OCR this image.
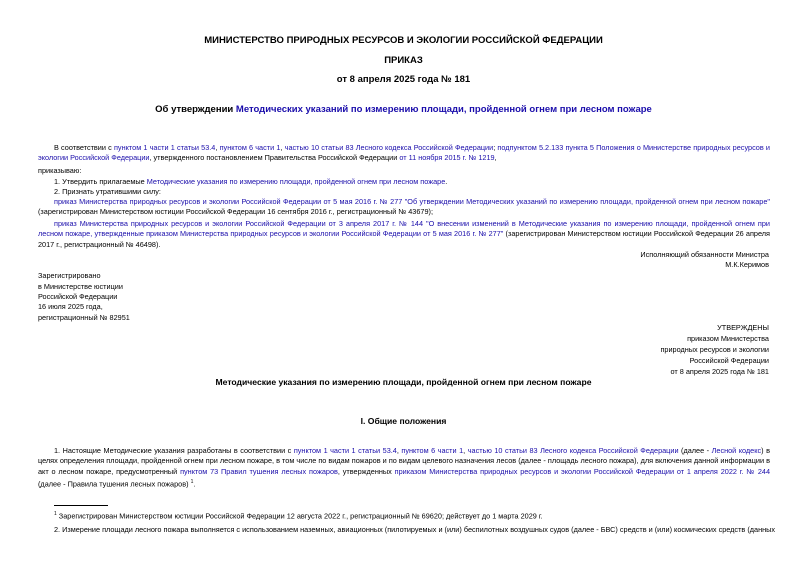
МИНИСТЕРСТВО ПРИРОДНЫХ РЕСУРСОВ И ЭКОЛОГИИ РОССИЙСКОЙ ФЕДЕРАЦИИ
ПРИКАЗ
от 8 апреля 2025 года № 181
Об утверждении Методических указаний по измерению площади, пройденной огнем при лесном пожаре
В соответствии с пунктом 1 части 1 статьи 53.4, пунктом 6 части 1, частью 10 статьи 83 Лесного кодекса Российской Федерации; подпунктом 5.2.133 пункта 5 Положения о Министерстве природных ресурсов и экологии Российской Федерации, утвержденного постановлением Правительства Российской Федерации от 11 ноября 2015 г. № 1219,
приказываю:
1. Утвердить прилагаемые Методические указания по измерению площади, пройденной огнем при лесном пожаре.
2. Признать утратившими силу:
приказ Министерства природных ресурсов и экологии Российской Федерации от 5 мая 2016 г. № 277 "Об утверждении Методических указаний по измерению площади, пройденной огнем при лесном пожаре" (зарегистрирован Министерством юстиции Российской Федерации 16 сентября 2016 г., регистрационный № 43679);
приказ Министерства природных ресурсов и экологии Российской Федерации от 3 апреля 2017 г. № 144 "О внесении изменений в Методические указания по измерению площади, пройденной огнем при лесном пожаре, утвержденные приказом Министерства природных ресурсов и экологии Российской Федерации от 5 мая 2016 г. № 277" (зарегистрирован Министерством юстиции Российской Федерации 26 апреля 2017 г., регистрационный № 46498).
Исполняющий обязанности Министра
М.К.Керимов
Зарегистрировано
в Министерстве юстиции
Российской Федерации
16 июля 2025 года,
регистрационный № 82951
УТВЕРЖДЕНЫ
приказом Министерства
природных ресурсов и экологии
Российской Федерации
от 8 апреля 2025 года № 181
Методические указания по измерению площади, пройденной огнем при лесном пожаре
I. Общие положения
1. Настоящие Методические указания разработаны в соответствии с пунктом 1 части 1 статьи 53.4, пунктом 6 части 1, частью 10 статьи 83 Лесного кодекса Российской Федерации (далее - Лесной кодекс) в целях определения площади, пройденной огнем при лесном пожаре, в том числе по видам пожаров и по видам целевого назначения лесов (далее - площадь лесного пожара), для включения данной информации в акт о лесном пожаре, предусмотренный пунктом 73 Правил тушения лесных пожаров, утвержденных приказом Министерства природных ресурсов и экологии Российской Федерации от 1 апреля 2022 г. № 244 (далее - Правила тушения лесных пожаров) $^1$.
$^1$ Зарегистрирован Министерством юстиции Российской Федерации 12 августа 2022 г., регистрационный № 69620; действует до 1 марта 2029 г.
2. Измерение площади лесного пожара выполняется с использованием наземных, авиационных (пилотируемых и (или) беспилотных воздушных судов (далее - БВС) средств и (или) космических средств (данных
